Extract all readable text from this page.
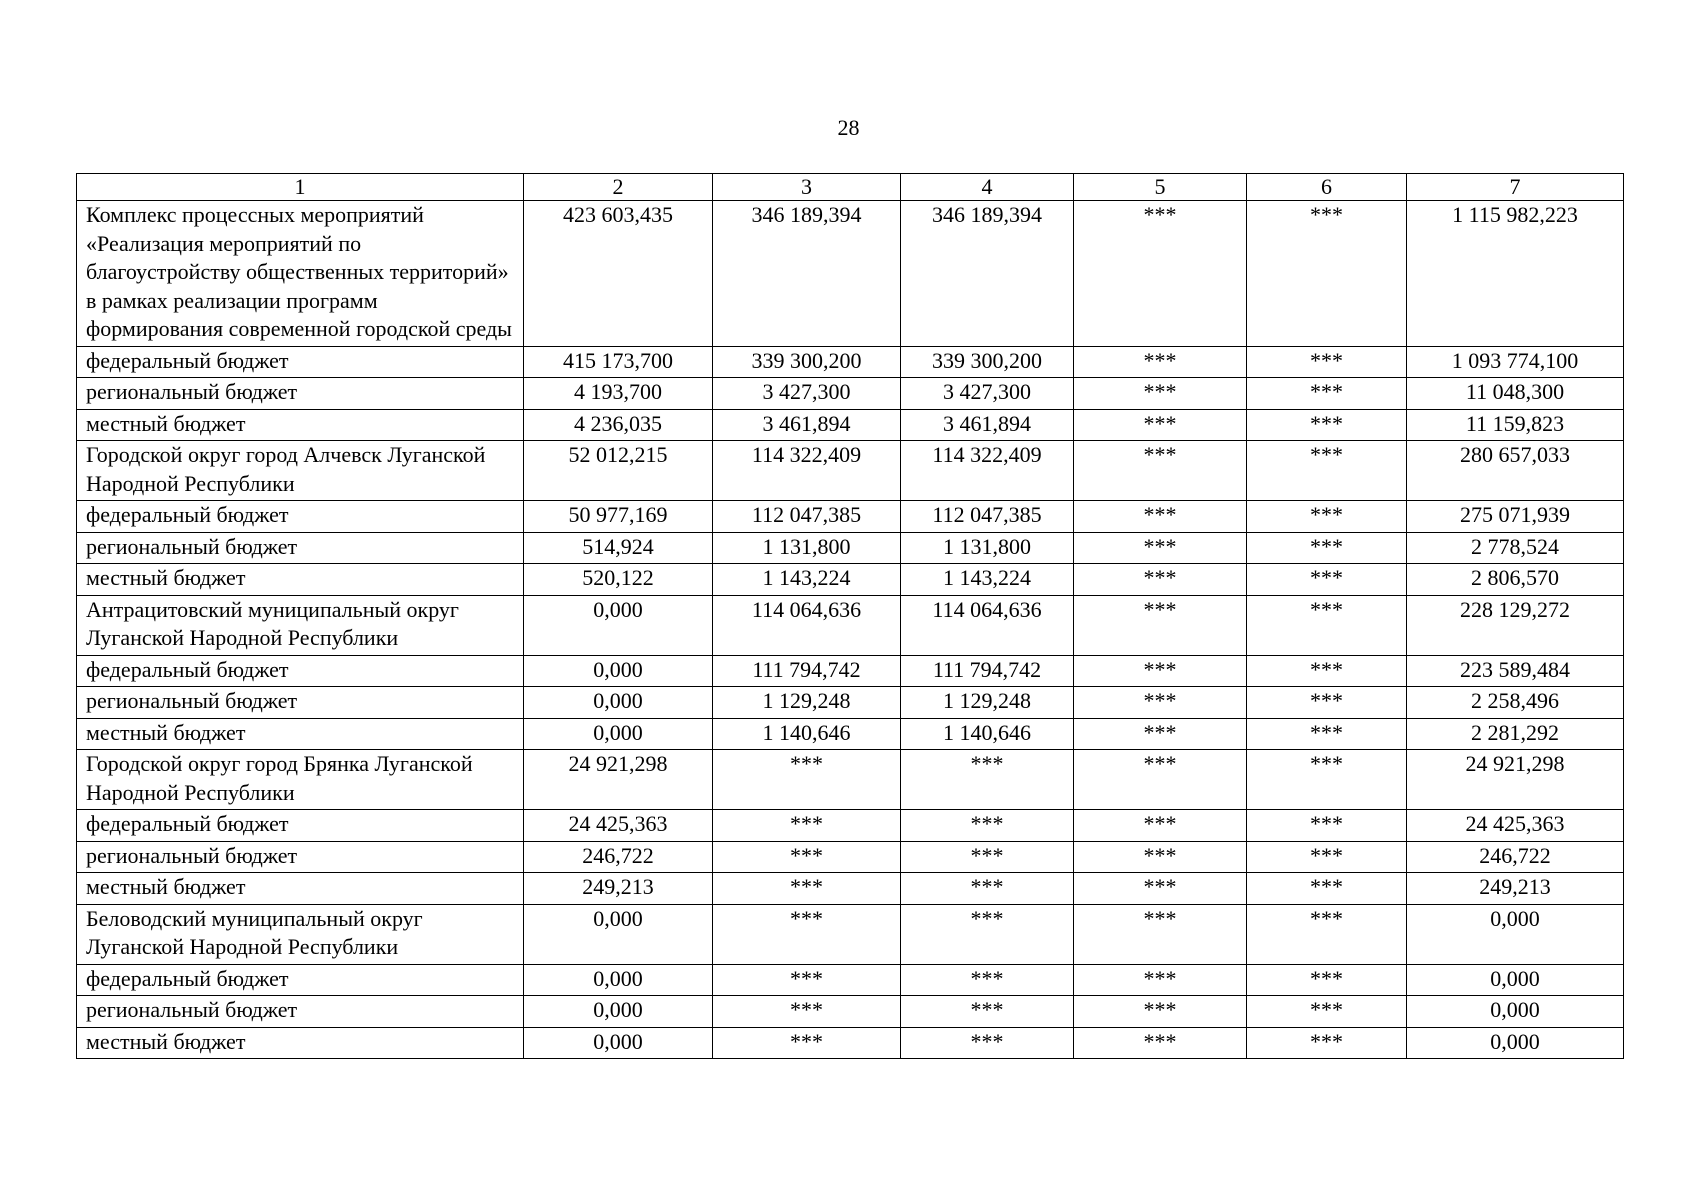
28
1	2	3	4	5	6	7
Комплекс процессных мероприятий «Реализация мероприятий по благоустройству общественных территорий» в рамках реализации программ формирования современной городской среды	423 603,435	346 189,394	346 189,394	***	***	1 115 982,223
федеральный бюджет	415 173,700	339 300,200	339 300,200	***	***	1 093 774,100
региональный бюджет	4 193,700	3 427,300	3 427,300	***	***	11 048,300
местный бюджет	4 236,035	3 461,894	3 461,894	***	***	11 159,823
Городской округ город Алчевск Луганской Народной Республики	52 012,215	114 322,409	114 322,409	***	***	280 657,033
федеральный бюджет	50 977,169	112 047,385	112 047,385	***	***	275 071,939
региональный бюджет	514,924	1 131,800	1 131,800	***	***	2 778,524
местный бюджет	520,122	1 143,224	1 143,224	***	***	2 806,570
Антрацитовский муниципальный округ Луганской Народной Республики	0,000	114 064,636	114 064,636	***	***	228 129,272
федеральный бюджет	0,000	111 794,742	111 794,742	***	***	223 589,484
региональный бюджет	0,000	1 129,248	1 129,248	***	***	2 258,496
местный бюджет	0,000	1 140,646	1 140,646	***	***	2 281,292
Городской округ город Брянка Луганской Народной Республики	24 921,298	***	***	***	***	24 921,298
федеральный бюджет	24 425,363	***	***	***	***	24 425,363
региональный бюджет	246,722	***	***	***	***	246,722
местный бюджет	249,213	***	***	***	***	249,213
Беловодский муниципальный округ Луганской Народной Республики	0,000	***	***	***	***	0,000
федеральный бюджет	0,000	***	***	***	***	0,000
региональный бюджет	0,000	***	***	***	***	0,000
местный бюджет	0,000	***	***	***	***	0,000
